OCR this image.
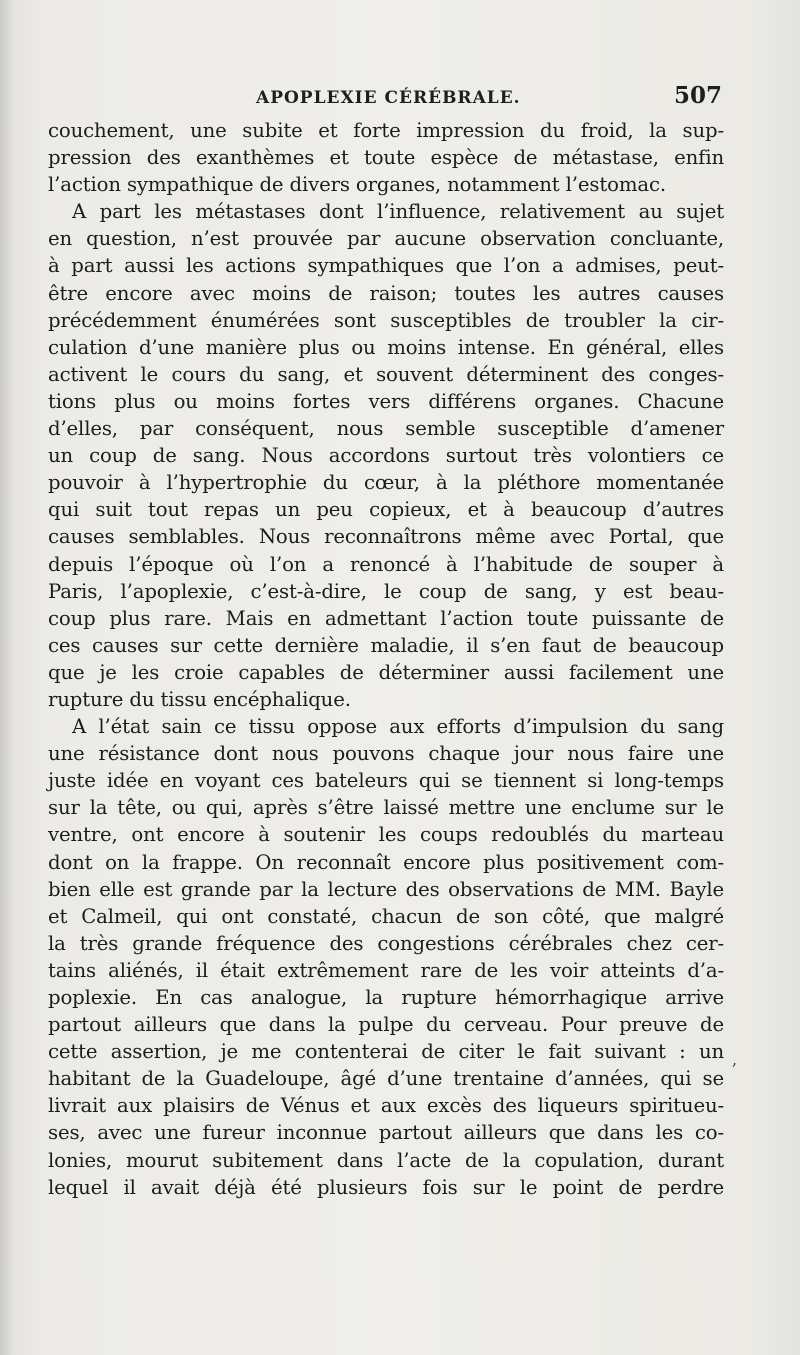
APOPLEXIE CÉRÉBRALE.	507

couchement, une subite et forte impression du froid, la sup-

pression des exanthèmes et toute espèce de métastase, enfin

l’action sympathique de divers organes, notamment l’estomac.

A part les métastases dont l’influence, relativement au sujet

en question, n’est prouvée par aucune observation concluante,

à part aussi les actions sympathiques que l’on a admises, peut-

être encore avec moins de raison; toutes les autres causes

précédemment énumérées sont susceptibles de troubler la cir-

culation d’une manière plus ou moins intense. En général, elles

activent le cours du sang, et souvent déterminent des conges-

tions plus ou moins fortes vers différens organes. Chacune

d’elles, par conséquent, nous semble susceptible d’amener

un coup de sang. Nous accordons surtout très volontiers ce

pouvoir à l’hypertrophie du cœur, à la pléthore momentanée

qui suit tout repas un peu copieux, et à beaucoup d’autres

causes semblables. Nous reconnaîtrons même avec Portal, que

depuis l’époque où l’on a renoncé à l’habitude de souper à

Paris, l’apoplexie, c’est-à-dire, le coup de sang, y est beau-

coup plus rare. Mais en admettant l’action toute puissante de

ces causes sur cette dernière maladie, il s’en faut de beaucoup

que je les croie capables de déterminer aussi facilement une

rupture du tissu encéphalique.

A l’état sain ce tissu oppose aux efforts d’impulsion du sang

une résistance dont nous pouvons chaque jour nous faire une

juste idée en voyant ces bateleurs qui se tiennent si long-temps

sur la tête, ou qui, après s’être laissé mettre une enclume sur le

ventre, ont encore à soutenir les coups redoublés du marteau

dont on la frappe. On reconnaît encore plus positivement com-

bien elle est grande par la lecture des observations de MM. Bayle

et Calmeil, qui ont constaté, chacun de son côté, que malgré

la très grande fréquence des congestions cérébrales chez cer-

tains aliénés, il était extrêmement rare de les voir atteints d’a-

poplexie. En cas analogue, la rupture hémorrhagique arrive

partout ailleurs que dans la pulpe du cerveau. Pour preuve de

cette assertion, je me contenterai de citer le fait suivant : un

habitant de la Guadeloupe, âgé d’une trentaine d’années, qui se

livrait aux plaisirs de Vénus et aux excès des liqueurs spiritueu-

ses, avec une fureur inconnue partout ailleurs que dans les co-

lonies, mourut subitement dans l’acte de la copulation, durant

lequel il avait déjà été plusieurs fois sur le point de perdre

,
